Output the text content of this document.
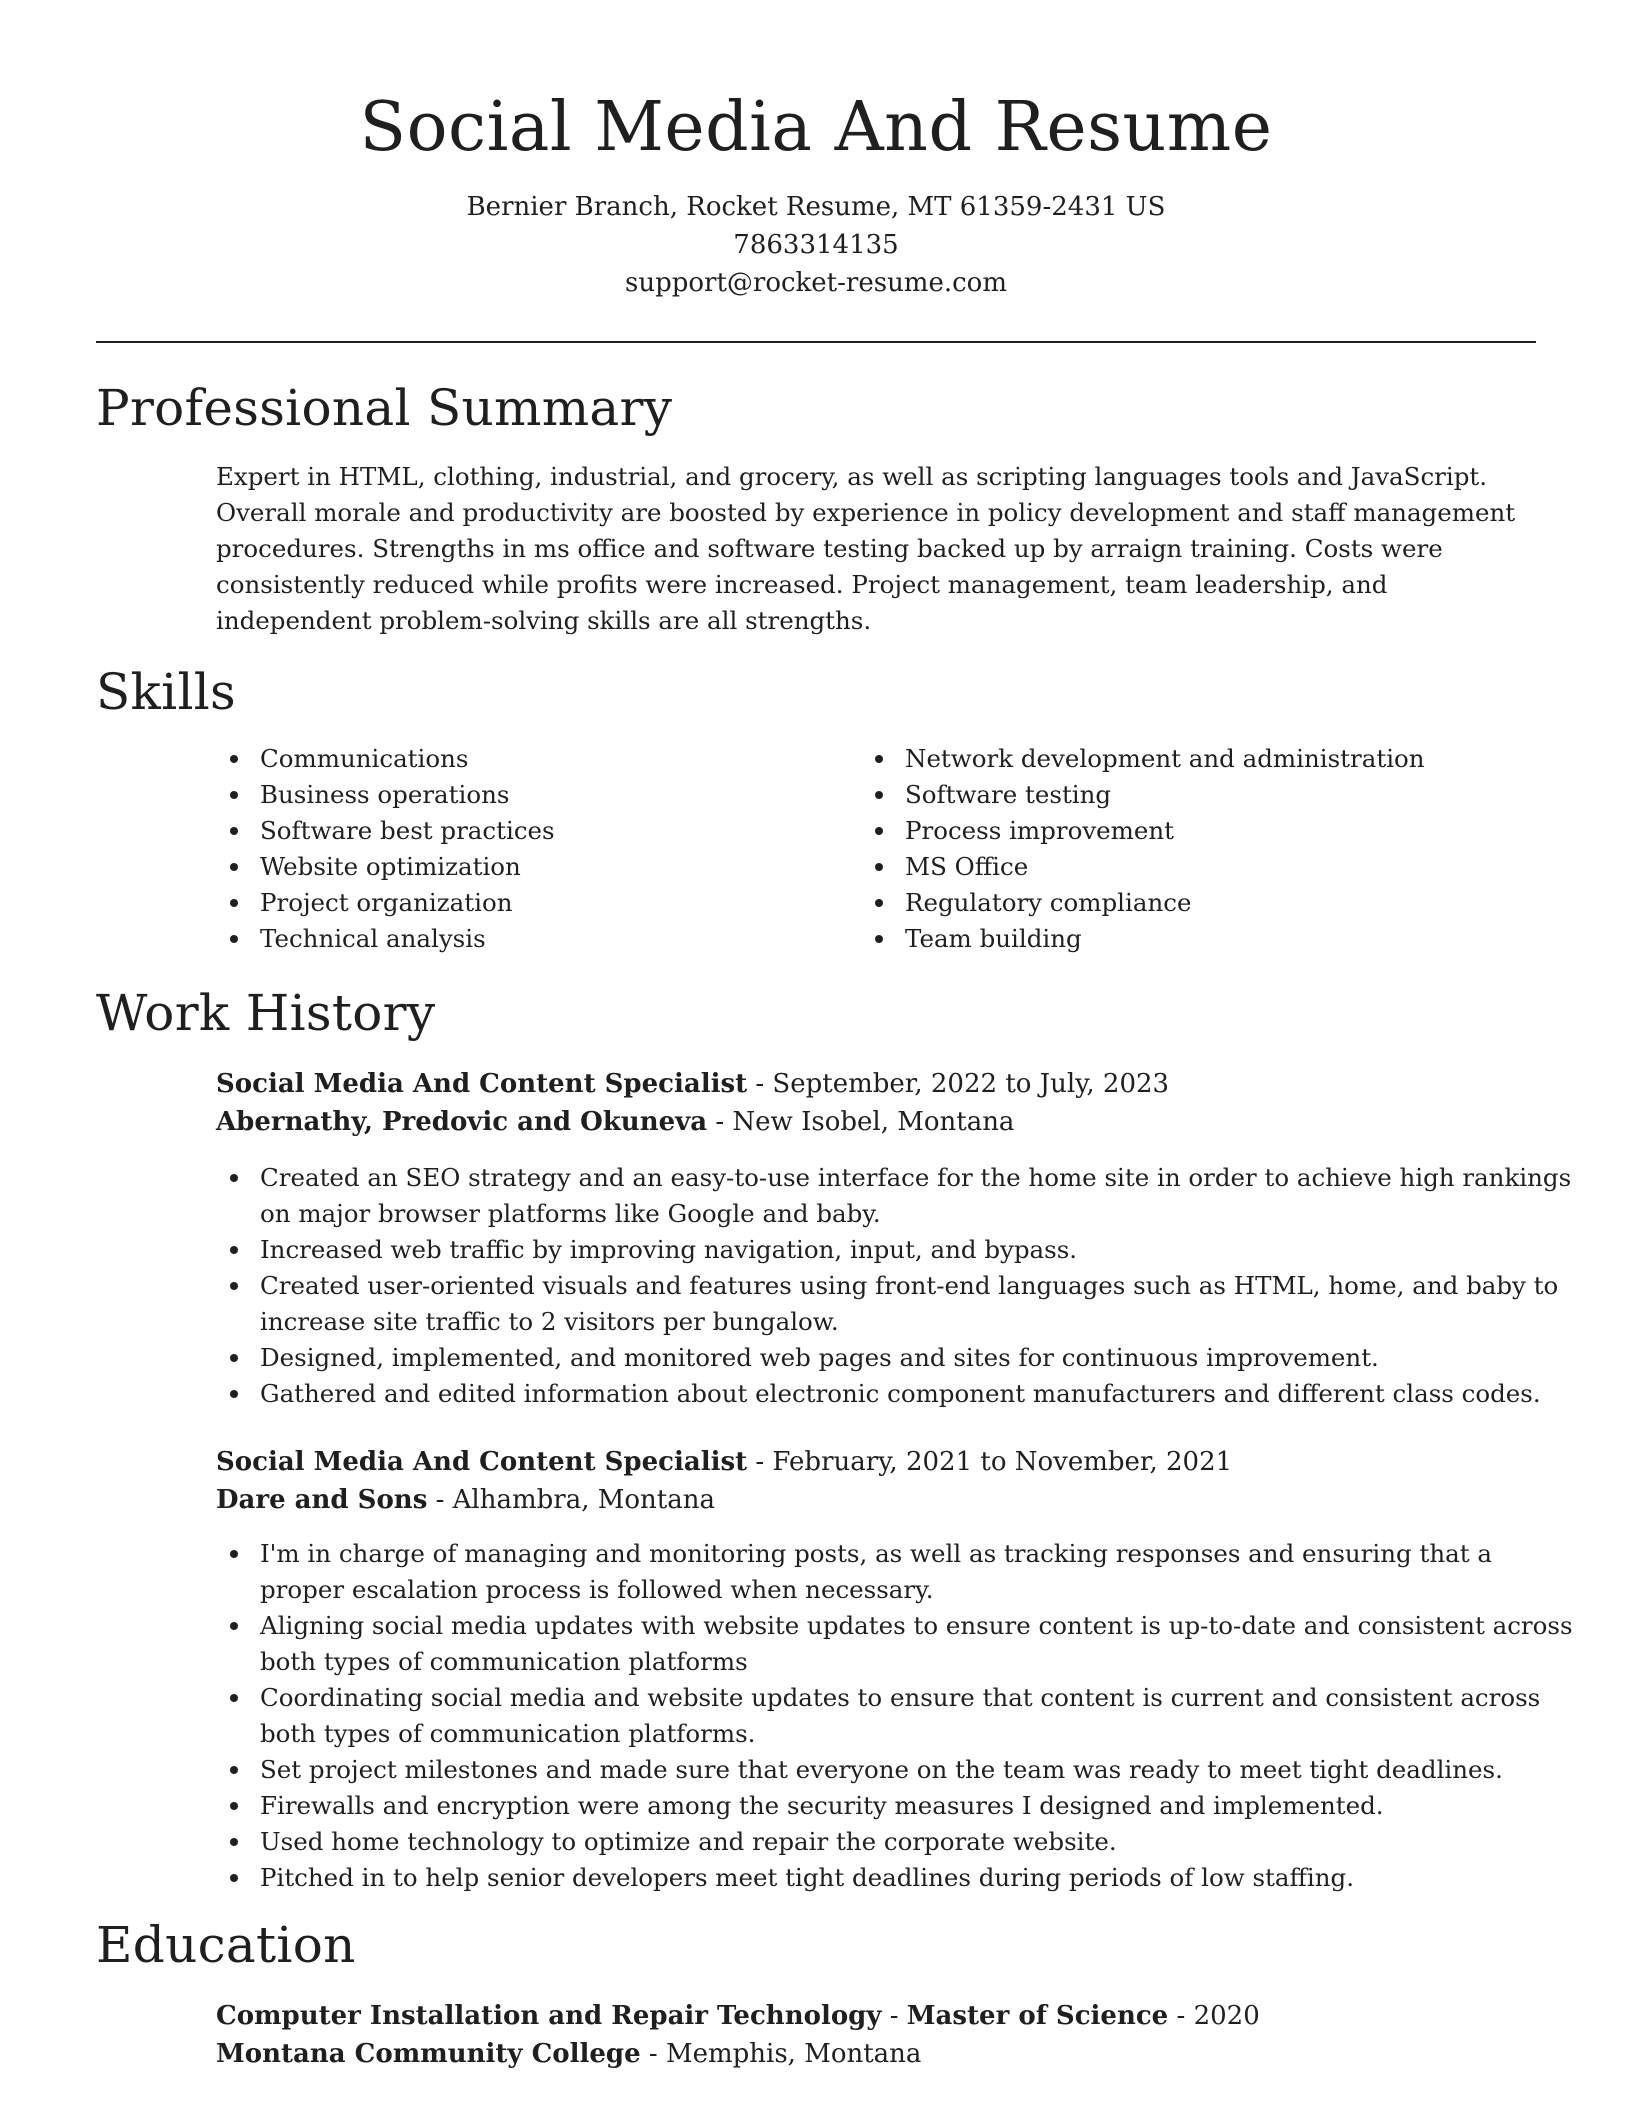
Social Media And Resume
Bernier Branch, Rocket Resume, MT 61359-2431 US
7863314135
support@rocket-resume.com
Professional Summary
Expert in HTML, clothing, industrial, and grocery, as well as scripting languages tools and JavaScript. Overall morale and productivity are boosted by experience in policy development and staff management procedures. Strengths in ms office and software testing backed up by arraign training. Costs were consistently reduced while profits were increased. Project management, team leadership, and independent problem-solving skills are all strengths.
Skills
Communications
Business operations
Software best practices
Website optimization
Project organization
Technical analysis
Network development and administration
Software testing
Process improvement
MS Office
Regulatory compliance
Team building
Work History
Social Media And Content Specialist - September, 2022 to July, 2023
Abernathy, Predovic and Okuneva - New Isobel, Montana
Created an SEO strategy and an easy-to-use interface for the home site in order to achieve high rankings on major browser platforms like Google and baby.
Increased web traffic by improving navigation, input, and bypass.
Created user-oriented visuals and features using front-end languages such as HTML, home, and baby to increase site traffic to 2 visitors per bungalow.
Designed, implemented, and monitored web pages and sites for continuous improvement.
Gathered and edited information about electronic component manufacturers and different class codes.
Social Media And Content Specialist - February, 2021 to November, 2021
Dare and Sons - Alhambra, Montana
I'm in charge of managing and monitoring posts, as well as tracking responses and ensuring that a proper escalation process is followed when necessary.
Aligning social media updates with website updates to ensure content is up-to-date and consistent across both types of communication platforms
Coordinating social media and website updates to ensure that content is current and consistent across both types of communication platforms.
Set project milestones and made sure that everyone on the team was ready to meet tight deadlines.
Firewalls and encryption were among the security measures I designed and implemented.
Used home technology to optimize and repair the corporate website.
Pitched in to help senior developers meet tight deadlines during periods of low staffing.
Education
Computer Installation and Repair Technology - Master of Science - 2020
Montana Community College - Memphis, Montana
